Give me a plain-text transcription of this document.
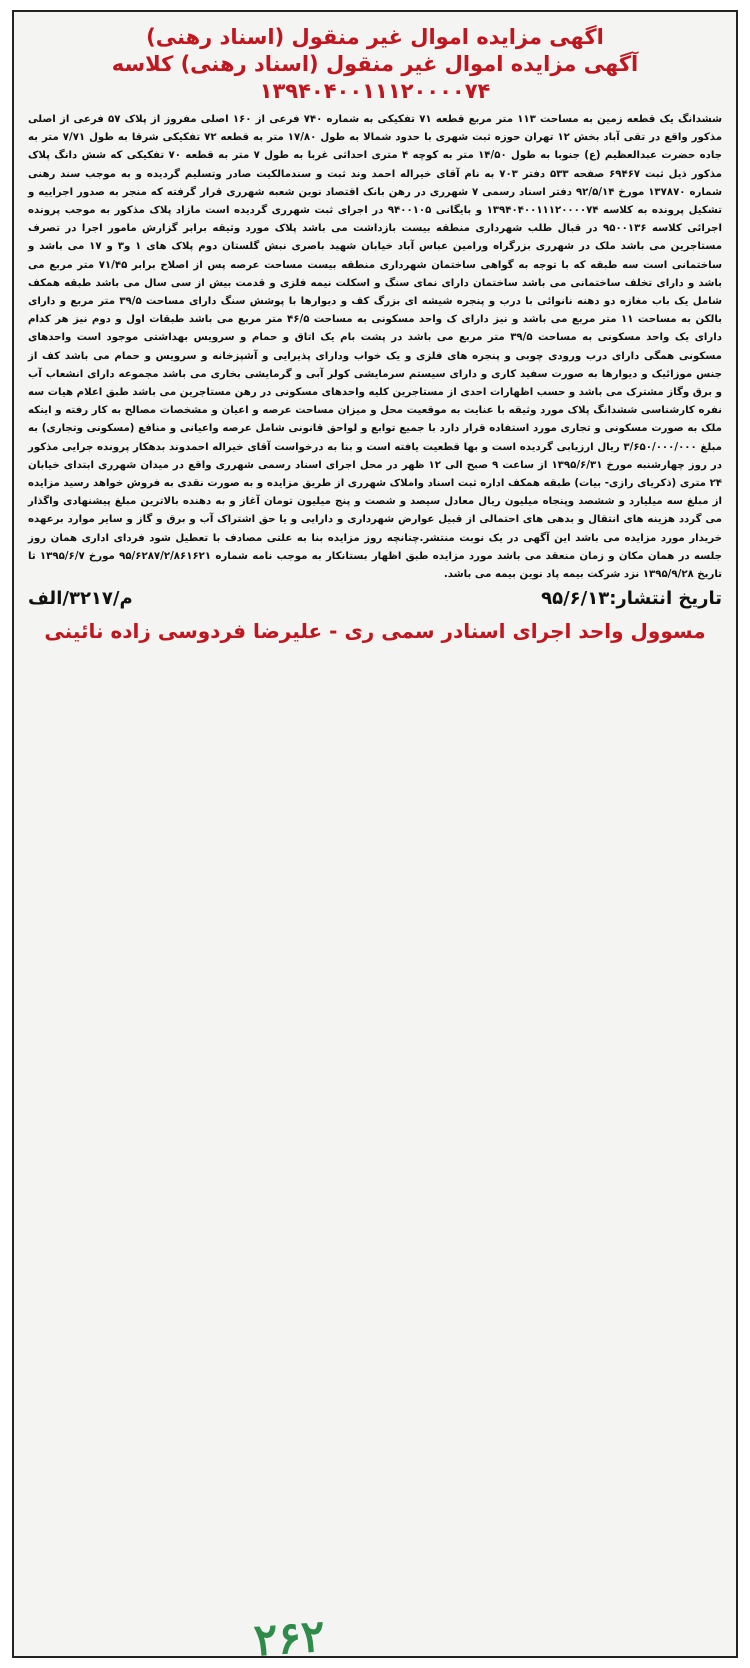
اگهی مزایده اموال غیر منقول (اسناد رهنی)

آگهی مزایده اموال غیر منقول (اسناد رهنی) کلاسه

۱۳۹۴۰۴۰۰۱۱۱۲۰۰۰۰۷۴

ششدانگ یک قطعه زمین به مساحت ۱۱۳ متر مربع قطعه ۷۱ تفکیکی به شماره ۷۴۰ فرعی از ۱۶۰ اصلی مفروز از پلاک ۵۷ فرعی از اصلی مذکور واقع در تقی آباد بخش ۱۲ تهران حوزه ثبت شهری با حدود شمالا به طول ۱۷/۸۰ متر به قطعه ۷۲ تفکیکی شرقا به طول ۷/۷۱ متر به جاده حضرت عبدالعظیم (ع) جنوبا به طول ۱۴/۵۰ متر به کوچه ۴ متری احداثی غربا به طول ۷ متر به قطعه ۷۰ تفکیکی که شش دانگ پلاک مذکور ذیل ثبت ۶۹۴۶۷ صفحه ۵۳۳ دفتر ۷۰۳ به نام آقای خیراله احمد وند ثبت و سندمالکیت صادر وتسلیم گردیده و به موجب سند رهنی شماره ۱۳۷۸۷۰ مورخ ۹۲/۵/۱۴ دفتر اسناد رسمی ۷ شهرری در رهن بانک اقتصاد نوین شعبه شهرری قرار گرفته که منجر به صدور اجراییه و تشکیل پرونده به کلاسه ۱۳۹۴۰۴۰۰۱۱۱۲۰۰۰۰۷۴ و بایگانی ۹۴۰۰۱۰۵ در اجرای ثبت شهرری گردیده است مازاد پلاک مذکور به موجب پرونده اجرائی کلاسه ۹۵۰۰۱۳۶ در قبال طلب شهرداری منطقه بیست بازداشت می باشد پلاک مورد وثیقه برابر گزارش مامور اجرا در تصرف مستاجرین می باشد ملک در شهرری بزرگراه ورامین عباس آباد خیابان شهید باصری نبش گلستان دوم پلاک های ۱ و۳ و ۱۷ می باشد و ساختمانی است سه طبقه که با توجه به گواهی ساختمان شهرداری منطقه بیست مساحت عرصه پس از اصلاح برابر ۷۱/۴۵ متر مربع می باشد و دارای تخلف ساختمانی می باشد ساختمان دارای نمای سنگ و اسکلت نیمه فلزی و قدمت بیش از سی سال می باشد طبقه همکف شامل یک باب مغازه دو دهنه نانوائی با درب و پنجره شیشه ای بزرگ کف و دیوارها با پوشش سنگ دارای مساحت ۳۹/۵ متر مربع و دارای بالکن به مساحت ۱۱ متر مربع می باشد و نیز دارای ک واحد مسکونی به مساحت ۴۶/۵ متر مربع می باشد طبقات اول و دوم نیز هر کدام دارای یک واحد مسکونی به مساحت ۳۹/۵ متر مربع می باشد در پشت بام یک اتاق و حمام و سرویس بهداشتی موجود است واحدهای مسکونی همگی دارای درب ورودی چوبی و پنجره های فلزی و یک خواب ودارای پذیرایی و آشپزخانه و سرویس و حمام می باشد کف از جنس موزائیک و دیوارها به صورت سفید کاری و دارای سیستم سرمایشی کولر آبی و گرمایشی بخاری می باشد مجموعه دارای انشعاب آب و برق وگاز مشترک می باشد و حسب اظهارات احدی از مستاجرین کلیه واحدهای مسکونی در رهن مستاجرین می باشد طبق اعلام هیات سه نفره کارشناسی ششدانگ پلاک مورد وثیقه با عنایت به موقعیت محل و میزان مساحت عرصه و اعیان و مشخصات مصالح به کار رفته و اینکه ملک به صورت مسکونی و تجاری مورد استفاده قرار دارد با جمیع توابع و لواحق قانونی شامل عرصه واعیانی و منافع (مسکونی وتجاری) به مبلغ ۳/۶۵۰/۰۰۰/۰۰۰ ریال ارزیابی گردیده است و بها قطعیت یافته است و بنا به درخواست آقای خیراله احمدوند بدهکار پرونده جرایی مذکور در روز چهارشنبه مورخ ۱۳۹۵/۶/۳۱ از ساعت ۹ صبح الی ۱۲ ظهر در محل اجرای اسناد رسمی شهرری واقع در میدان شهرری ابتدای خیابان ۲۴ متری (ذکریای رازی- بیات) طبقه همکف اداره ثبت اسناد واملاک شهرری از طریق مزایده و به صورت نقدی به فروش خواهد رسید مزایده از مبلغ سه میلیارد و ششصد وپنجاه میلیون ریال معادل سیصد و شصت و پنج میلیون تومان آغاز و به دهنده بالاترین مبلغ پیشنهادی واگذار می گردد هزینه های انتقال و بدهی های احتمالی از قبیل عوارض شهرداری و دارایی و یا حق اشتراک آب و برق و گاز و سایر موارد برعهده خریدار مورد مزایده می باشد این آگهی در یک نوبت منتشر.چنانچه روز مزایده بنا به علتی مصادف با تعطیل شود فردای اداری همان روز جلسه در همان مکان و زمان منعقد می باشد مورد مزایده طبق اظهار بستانکار به موجب نامه شماره ۹۵/۶۲۸۷/۲/۸۶۱۶۲۱ مورخ ۱۳۹۵/۶/۷ تا تاریخ ۱۳۹۵/۹/۲۸ نزد شرکت بیمه پاد نوین بیمه می باشد.
تاریخ انتشار:۹۵/۶/۱۳
م/۳۲۱۷/الف
مسوول واحد اجرای اسنادر سمی ری - علیرضا فردوسی زاده نائینی
۲۶۲
